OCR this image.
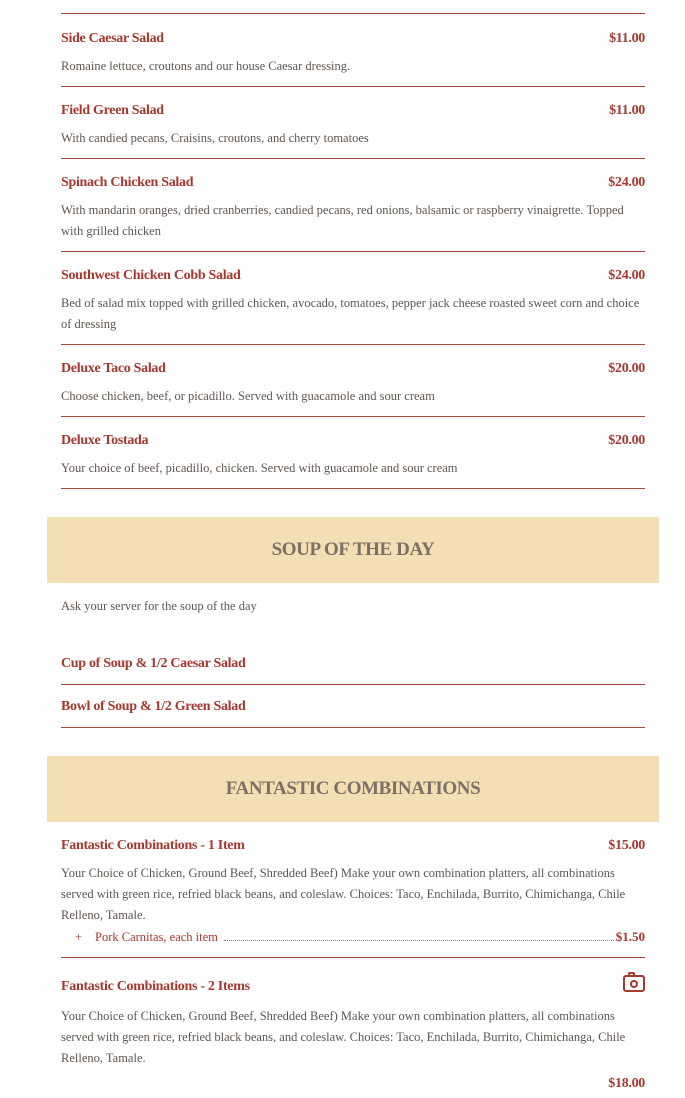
Side Caesar Salad	$11.00
Romaine lettuce, croutons and our house Caesar dressing.
Field Green Salad	$11.00
With candied pecans, Craisins, croutons, and cherry tomatoes
Spinach Chicken Salad	$24.00
With mandarin oranges, dried cranberries, candied pecans, red onions, balsamic or raspberry vinaigrette. Topped with grilled chicken
Southwest Chicken Cobb Salad	$24.00
Bed of salad mix topped with grilled chicken, avocado, tomatoes, pepper jack cheese roasted sweet corn and choice of dressing
Deluxe Taco Salad	$20.00
Choose chicken, beef, or picadillo. Served with guacamole and sour cream
Deluxe Tostada	$20.00
Your choice of beef, picadillo, chicken. Served with guacamole and sour cream
SOUP OF THE DAY
Ask your server for the soup of the day
Cup of Soup & 1/2 Caesar Salad
Bowl of Soup & 1/2 Green Salad
FANTASTIC COMBINATIONS
Fantastic Combinations - 1 Item	$15.00
Your Choice of Chicken, Ground Beef, Shredded Beef) Make your own combination platters, all combinations served with green rice, refried black beans, and coleslaw. Choices: Taco, Enchilada, Burrito, Chimichanga, Chile Relleno, Tamale.
+	Pork Carnitas, each item	$1.50
Fantastic Combinations - 2 Items
Your Choice of Chicken, Ground Beef, Shredded Beef) Make your own combination platters, all combinations served with green rice, refried black beans, and coleslaw. Choices: Taco, Enchilada, Burrito, Chimichanga, Chile Relleno, Tamale.
$18.00
